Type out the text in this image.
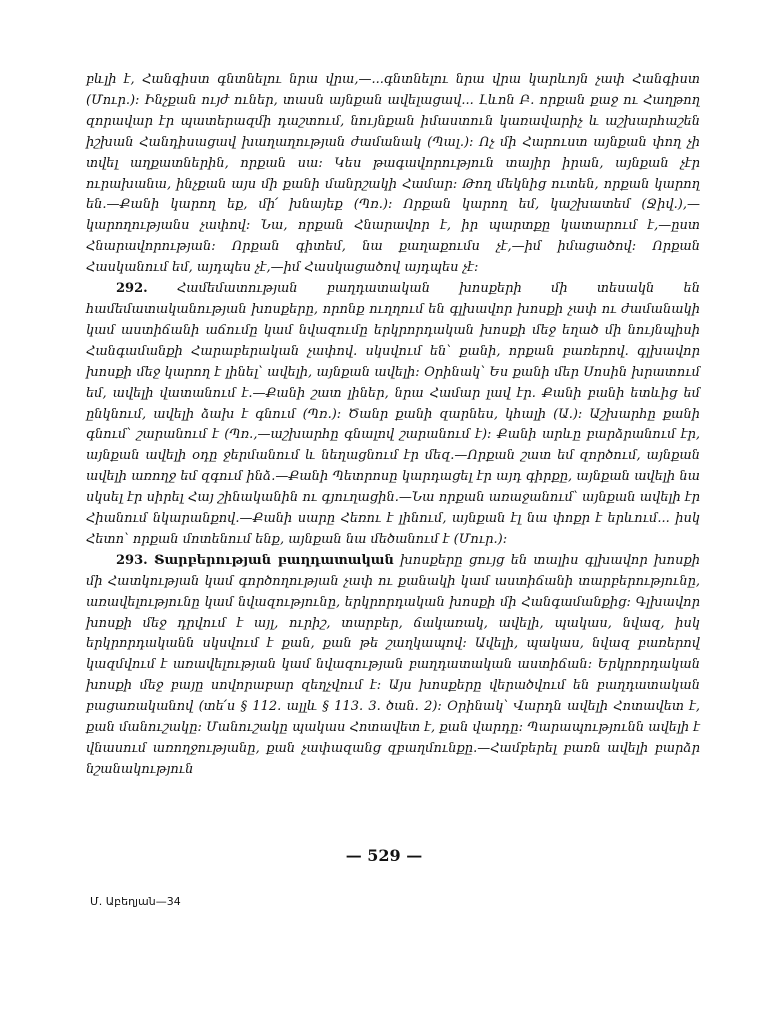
բևլի է, Հանգիստ գնտնելու նրա վրա,—...գնտնելու նրա վրա կարևոյն չափ Հանգիստ (Մուր.)։ Ինչքան ույժ ուներ, տասն այնքան ավելացավ... Լևոն Բ. որքան քաջ ու Հաղթող զորավար էր պատերազմի դաշտում, նույնքան իմաստուն կառավարիչ և աշխարհաշեն իշխան Հանդիսացավ խաղաղության ժամանակ (Պալ.)։ Ոչ մի Հարուստ այնքան փող չի տվել աղքատներին, որքան սա։ Կես թագավորություն տայիր իրան, այնքան չէր ուրախանա, ինչքան այս մի քանի մանրշակի Համար։ Թող մեկնից ուտեն, որքան կարող են.—Քանի կարող եք, մի՛ խնայեք (Պռ.)։ Որքան կարող եմ, կաշխատեմ (Ջիվ.),—կարողությանս չափով։ Նա, որքան Հնարավոր է, իր պարտքը կատարում է,—ըստ Հնարավորության։ Որքան գիտեմ, նա քաղաքումս չէ,—իմ իմացածով։ Որքան Հասկանում եմ, այդպես չէ,—իմ Հասկացածով այդպես չէ։

292. Համեմատության բաղդատական խոսքերի մի տեսակն են համեմատականության խոսքերը, որոնք ուղղում են գլխավոր խոսքի չափ ու ժամանակի կամ աստիճանի աճումը կամ նվազումը երկրորդական խոսքի մեջ եղած մի նույնպիսի Հանգամանքի Հարաբերական չափով. սկսվում են՝ քանի, որքան բառերով. գլխավոր խոսքի մեջ կարող է լինել՝ ավելի, այնքան ավելի։ Օրինակ՝ Ես քանի մեր Սոսին խրատում եմ, ավելի վատանում է.—Քանի շատ լիներ, նրա Համար լավ էր. Քանի բանի ետևից եմ ընկնում, ավելի ձախ է գնում (Պռ.)։ Ծանր քանի զարնես, կհալի (Ա.)։ Աշխարհը քանի գնում՝ շարանում է (Պռ.,—աշխարհը գնալով շարանում է)։ Քանի արևը բարձրանում էր, այնքան ավելի օդը ջերմանում և նեղացնում էր մեզ.—Որքան շատ եմ զործում, այնքան ավելի առողջ եմ զգում ինձ.—Քանի Պետրոսը կարդացել էր այդ գիրքը, այնքան ավելի նա սկսել էր սիրել Հայ շինականին ու գյուղացին.—Նա որքան առաջանում՝ այնքան ավելի էր Հիանում նկարանքով.—Քանի սարը Հեռու է լինում, այնքան էլ նա փոքր է երևում... իսկ Հետո՝ որքան մոտենում ենք, այնքան նա մեծանում է (Մուր.)։

293. Տարբերության բաղդատական խոսքերը ցույց են տալիս գլխավոր խոսքի մի Հատկության կամ գործողության չափ ու քանակի կամ աստիճանի տարբերությունը, առավելությունը կամ նվազությունը, երկրորդական խոսքի մի Հանգամանքից։ Գլխավոր խոսքի մեջ դրվում է այլ, ուրիշ, տարբեր, ճակառակ, ավելի, պակաս, նվազ, իսկ երկրորդականն սկսվում է քան, քան թե շաղկապով։ Ավելի, պակաս, նվազ բառերով կազմվում է առավելության կամ նվազության բաղդատական աստիճան։ Երկրորդական խոսքի մեջ բայը սովորաբար զեղչվում է։ Այս խոսքերը վերածվում են բաղդատական բացառականով (տե՛ս § 112. ալլև § 113. 3. ծան. 2)։ Օրինակ՝ Վարդն ավելի Հոտավետ է, քան մանուշակը։ Մանուշակը պակաս Հոտավետ է, քան վարդը։ Պարապությունն ավելի է վնասում առողջությանը, քան չափազանց զբաղմունքը.—Համբերել բառն ավելի բարձր նշանակություն

— 529 —
Մ. Աբեղյան—34
